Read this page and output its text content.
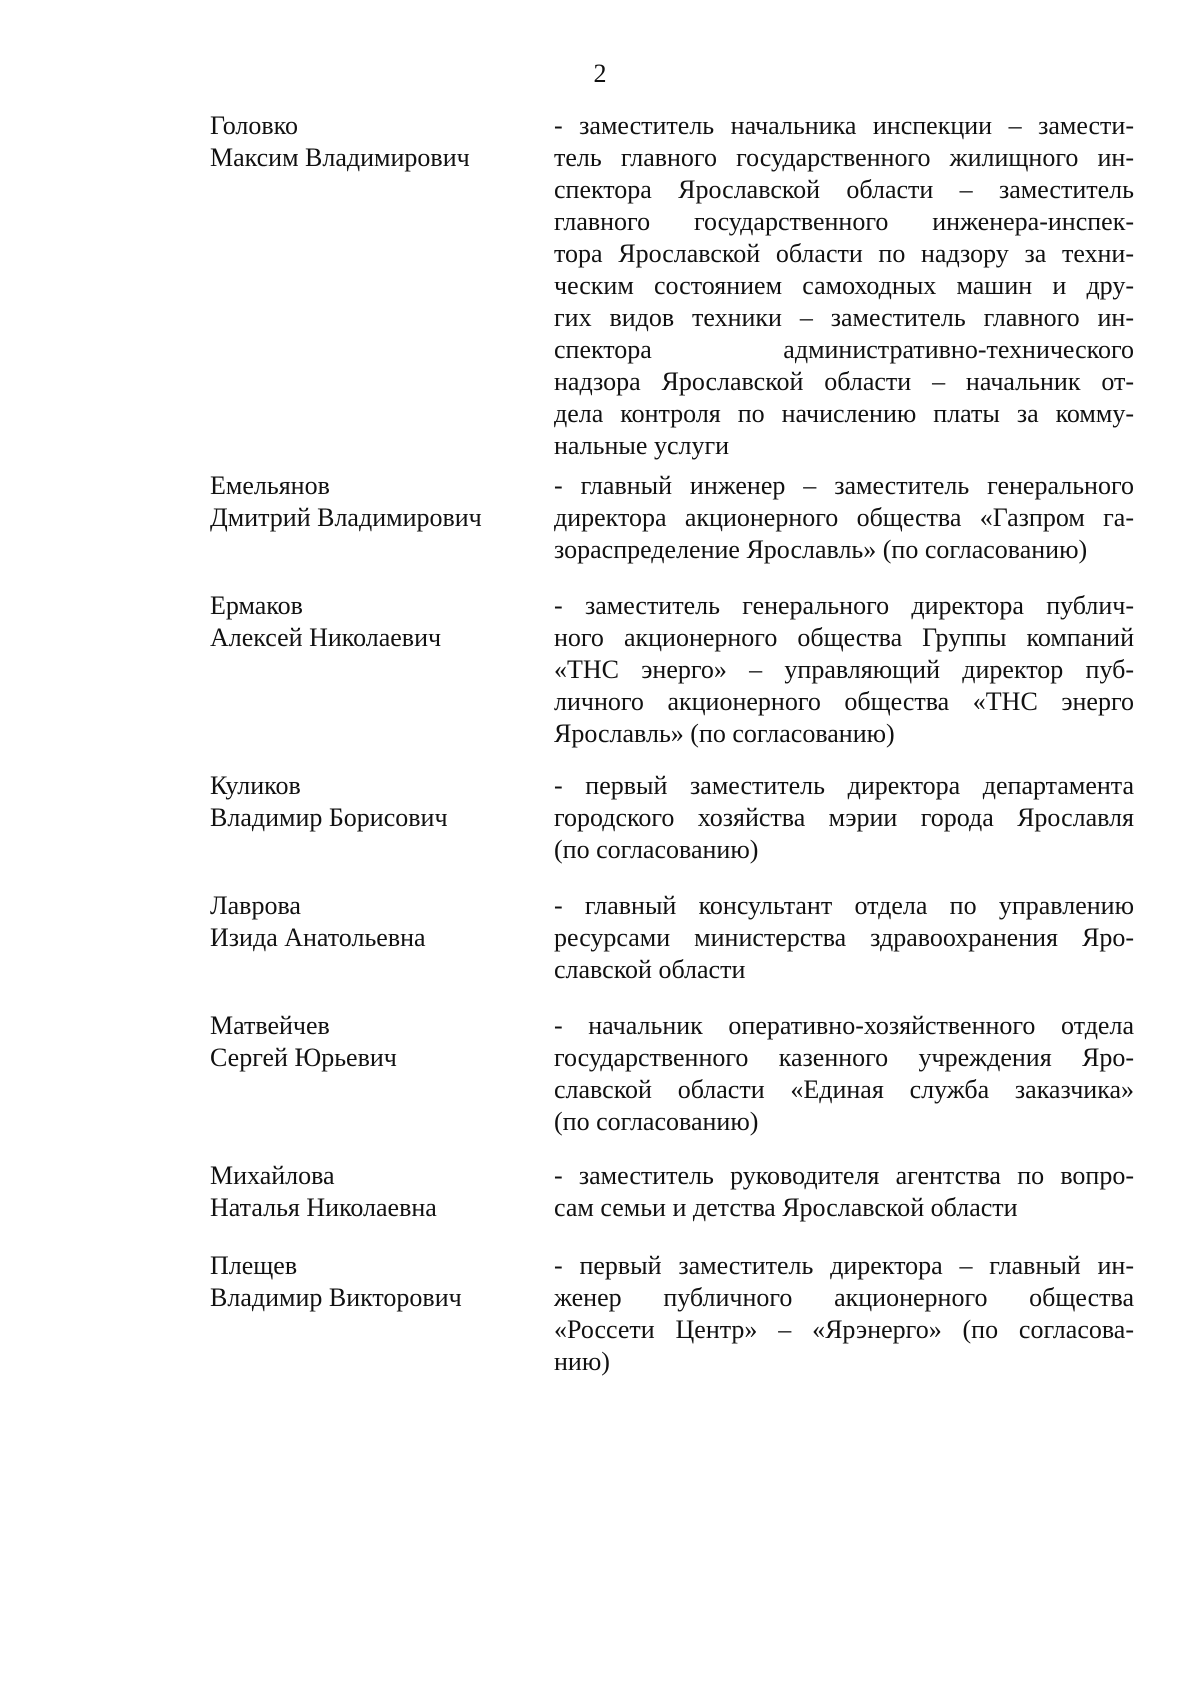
2
Головко
Максим Владимирович
- заместитель начальника инспекции – замести-
тель главного государственного жилищного ин-
спектора Ярославской области – заместитель
главного государственного инженера-инспек-
тора Ярославской области по надзору за техни-
ческим состоянием самоходных машин и дру-
гих видов техники – заместитель главного ин-
спектора административно-технического
надзора Ярославской области – начальник от-
дела контроля по начислению платы за комму-
нальные услуги
Емельянов
Дмитрий Владимирович
- главный инженер – заместитель генерального
директора акционерного общества «Газпром га-
зораспределение Ярославль» (по согласованию)
Ермаков
Алексей Николаевич
- заместитель генерального директора публич-
ного акционерного общества Группы компаний
«ТНС энерго» – управляющий директор пуб-
личного акционерного общества «ТНС энерго
Ярославль» (по согласованию)
Куликов
Владимир Борисович
- первый заместитель директора департамента
городского хозяйства мэрии города Ярославля
(по согласованию)
Лаврова
Изида Анатольевна
- главный консультант отдела по управлению
ресурсами министерства здравоохранения Яро-
славской области
Матвейчев
Сергей Юрьевич
- начальник оперативно-хозяйственного отдела
государственного казенного учреждения Яро-
славской области «Единая служба заказчика»
(по согласованию)
Михайлова
Наталья Николаевна
- заместитель руководителя агентства по вопро-
сам семьи и детства Ярославской области
Плещев
Владимир Викторович
- первый заместитель директора – главный ин-
женер публичного акционерного общества
«Россети Центр» – «Ярэнерго» (по согласова-
нию)
